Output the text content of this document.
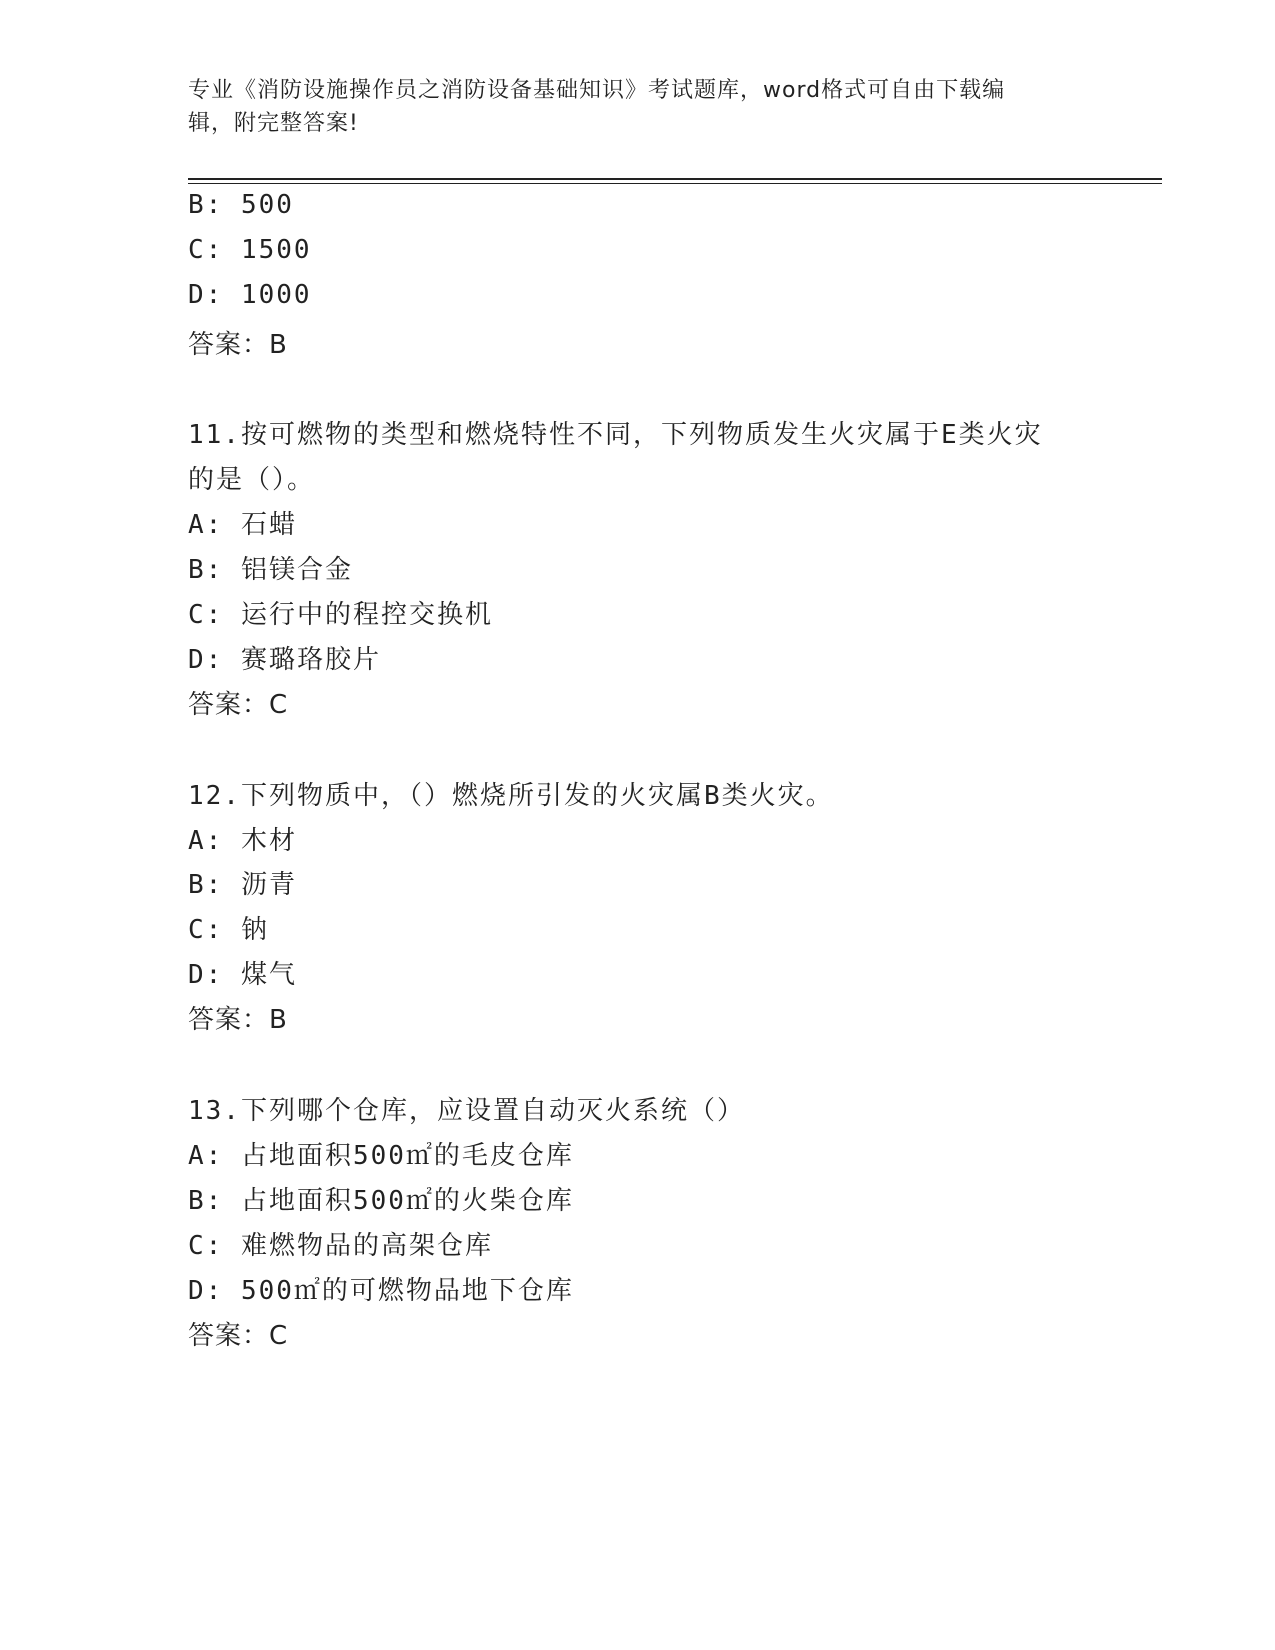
专业《消防设施操作员之消防设备基础知识》考试题库，word格式可自由下载编
辑，附完整答案!
B: 500
C: 1500
D: 1000
答案：B
11.按可燃物的类型和燃烧特性不同，下列物质发生火灾属于E类火灾
的是（）。
A: 石蜡
B: 铝镁合金
C: 运行中的程控交换机
D: 赛璐珞胶片
答案：C
12.下列物质中，（）燃烧所引发的火灾属B类火灾。
A: 木材
B: 沥青
C: 钠
D: 煤气
答案：B
13.下列哪个仓库，应设置自动灭火系统（）
A: 占地面积500㎡的毛皮仓库
B: 占地面积500㎡的火柴仓库
C: 难燃物品的高架仓库
D: 500㎡的可燃物品地下仓库
答案：C
